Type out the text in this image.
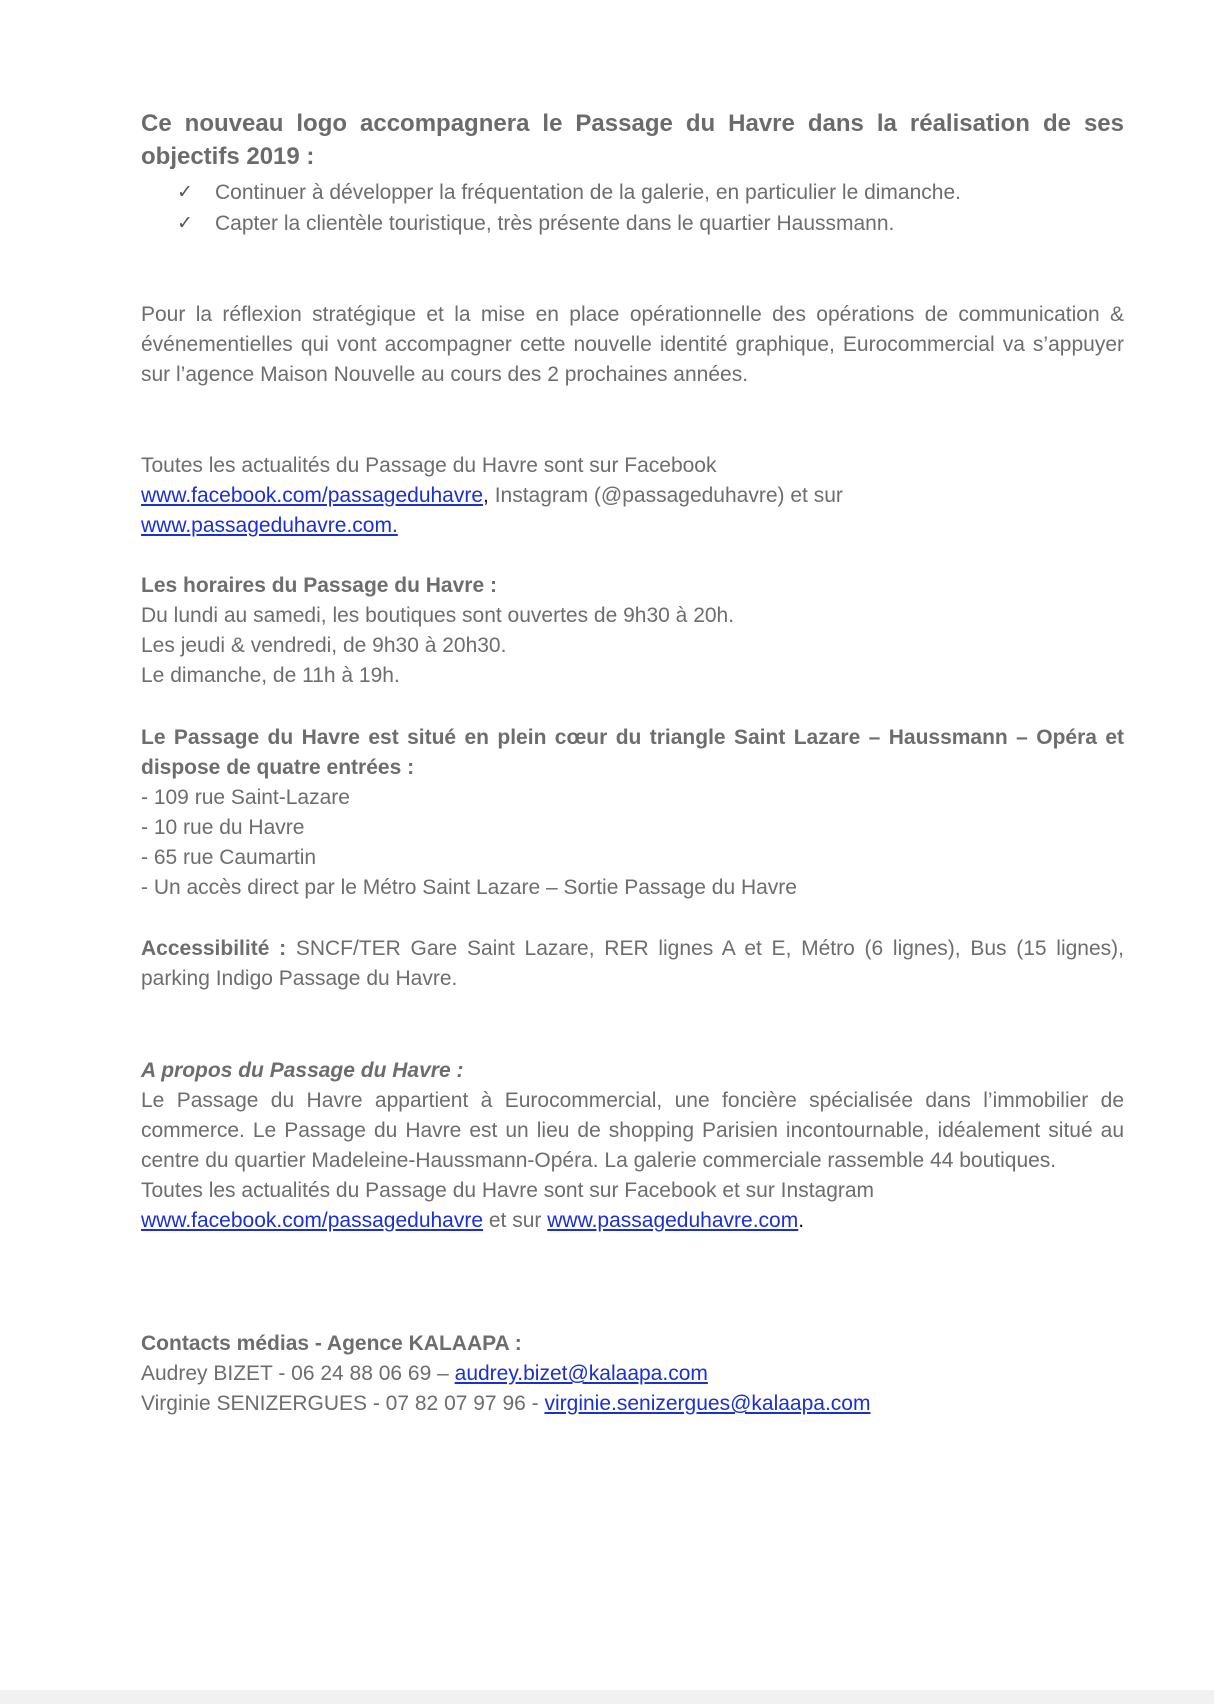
Ce nouveau logo accompagnera le Passage du Havre dans la réalisation de ses objectifs 2019 :

✓ Continuer à développer la fréquentation de la galerie, en particulier le dimanche.
✓ Capter la clientèle touristique, très présente dans le quartier Haussmann.

Pour la réflexion stratégique et la mise en place opérationnelle des opérations de communication & événementielles qui vont accompagner cette nouvelle identité graphique, Eurocommercial va s’appuyer sur l’agence Maison Nouvelle au cours des 2 prochaines années.

Toutes les actualités du Passage du Havre sont sur Facebook

www.facebook.com/passageduhavre, Instagram (@passageduhavre) et sur

www.passageduhavre.com.

Les horaires du Passage du Havre :

Du lundi au samedi, les boutiques sont ouvertes de 9h30 à 20h.

Les jeudi & vendredi, de 9h30 à 20h30.

Le dimanche, de 11h à 19h.

Le Passage du Havre est situé en plein cœur du triangle Saint Lazare – Haussmann – Opéra et dispose de quatre entrées :

- 109 rue Saint-Lazare

- 10 rue du Havre

- 65 rue Caumartin

- Un accès direct par le Métro Saint Lazare – Sortie Passage du Havre

Accessibilité : SNCF/TER Gare Saint Lazare, RER lignes A et E, Métro (6 lignes), Bus (15 lignes), parking Indigo Passage du Havre.

A propos du Passage du Havre :

Le Passage du Havre appartient à Eurocommercial, une foncière spécialisée dans l’immobilier de commerce. Le Passage du Havre est un lieu de shopping Parisien incontournable, idéalement situé au centre du quartier Madeleine-Haussmann-Opéra. La galerie commerciale rassemble 44 boutiques.

Toutes les actualités du Passage du Havre sont sur Facebook et sur Instagram

www.facebook.com/passageduhavre et sur www.passageduhavre.com.

Contacts médias - Agence KALAAPA :

Audrey BIZET - 06 24 88 06 69 – audrey.bizet@kalaapa.com

Virginie SENIZERGUES - 07 82 07 97 96 - virginie.senizergues@kalaapa.com
